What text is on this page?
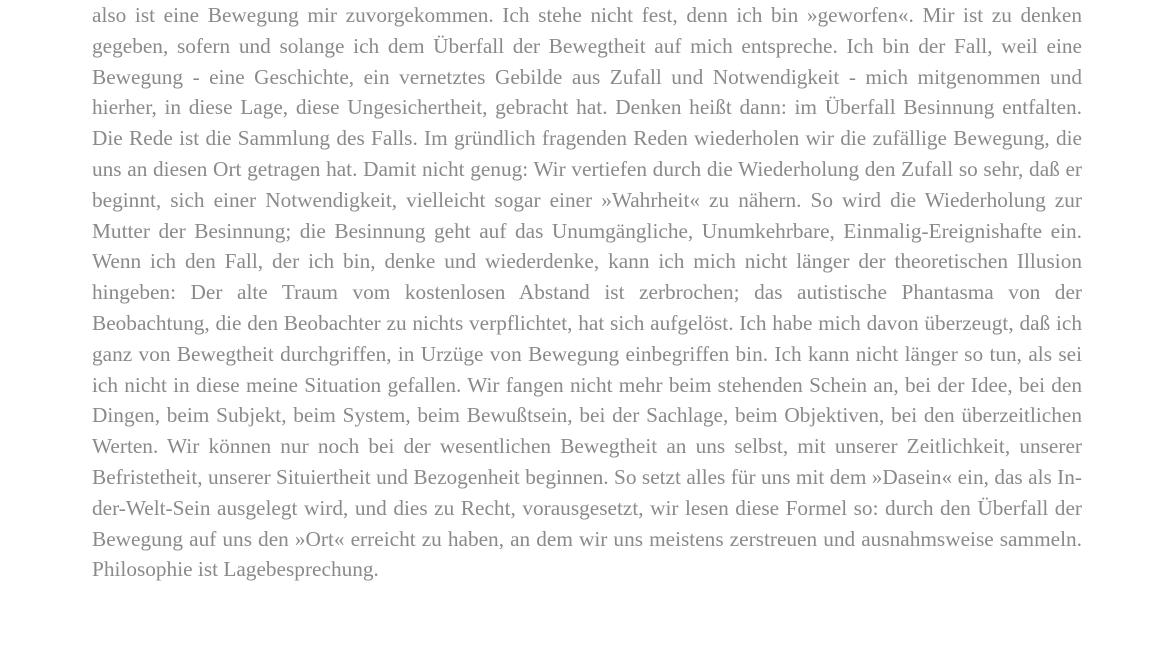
also ist eine Bewegung mir zuvorgekommen. Ich stehe nicht fest, denn ich bin »geworfen«. Mir ist zu denken gegeben, sofern und solange ich dem Überfall der Bewegtheit auf mich entspreche. Ich bin der Fall, weil eine Bewegung - eine Geschichte, ein vernetztes Gebilde aus Zufall und Notwendigkeit - mich mitgenommen und hierher, in diese Lage, diese Ungesichertheit, gebracht hat. Denken heißt dann: im Überfall Besinnung entfalten. Die Rede ist die Sammlung des Falls. Im gründlich fragenden Reden wiederholen wir die zufällige Bewegung, die uns an diesen Ort getragen hat. Damit nicht genug: Wir vertiefen durch die Wiederholung den Zufall so sehr, daß er beginnt, sich einer Notwendigkeit, vielleicht sogar einer »Wahrheit« zu nähern. So wird die Wiederholung zur Mutter der Besinnung; die Besinnung geht auf das Unumgängliche, Unumkehrbare, Einmalig-Ereignishafte ein. Wenn ich den Fall, der ich bin, denke und wiederdenke, kann ich mich nicht länger der theoretischen Illusion hingeben: Der alte Traum vom kostenlosen Abstand ist zerbrochen; das autistische Phantasma von der Beobachtung, die den Beobachter zu nichts verpflichtet, hat sich aufgelöst. Ich habe mich davon überzeugt, daß ich ganz von Bewegtheit durchgriffen, in Urzüge von Bewegung einbegriffen bin. Ich kann nicht länger so tun, als sei ich nicht in diese meine Situation gefallen. Wir fangen nicht mehr beim stehenden Schein an, bei der Idee, bei den Dingen, beim Subjekt, beim System, beim Bewußtsein, bei der Sachlage, beim Objektiven, bei den überzeitlichen Werten. Wir können nur noch bei der wesentlichen Bewegtheit an uns selbst, mit unserer Zeitlichkeit, unserer Befristetheit, unserer Situiertheit und Bezogenheit beginnen. So setzt alles für uns mit dem »Dasein« ein, das als In-der-Welt-Sein ausgelegt wird, und dies zu Recht, vorausgesetzt, wir lesen diese Formel so: durch den Überfall der Bewegung auf uns den »Ort« erreicht zu haben, an dem wir uns meistens zerstreuen und ausnahmsweise sammeln. Philosophie ist Lagebesprechung.
